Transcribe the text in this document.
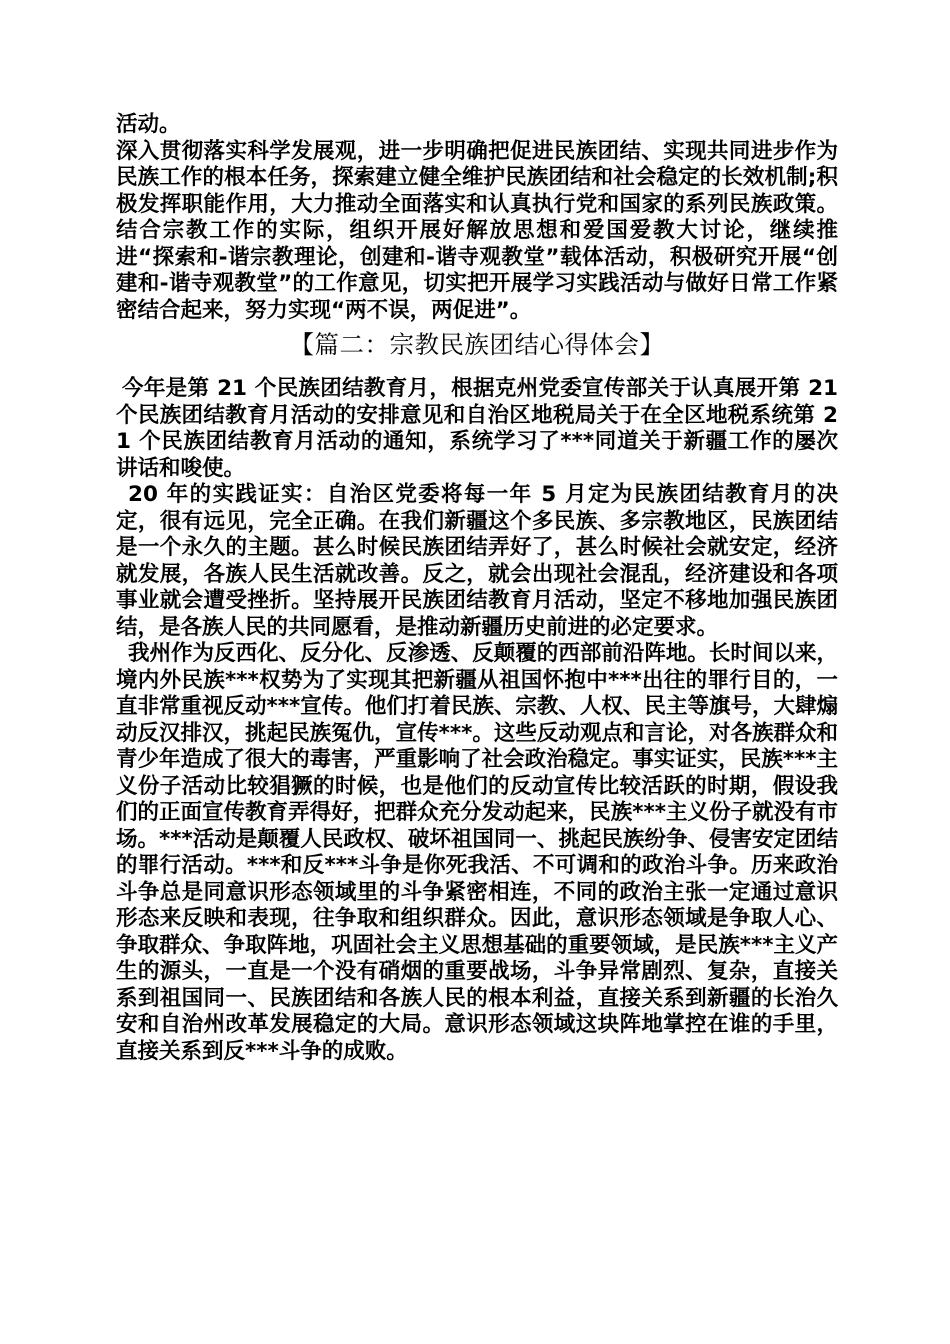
活动。

深入贯彻落实科学发展观，进一步明确把促进民族团结、实现共同进步作为民族工作的根本任务，探索建立健全维护民族团结和社会稳定的长效机制;积极发挥职能作用，大力推动全面落实和认真执行党和国家的系列民族政策。结合宗教工作的实际，组织开展好解放思想和爱国爱教大讨论，继续推进“探索和-谐宗教理论，创建和-谐寺观教堂”载体活动，积极研究开展“创建和-谐寺观教堂”的工作意见，切实把开展学习实践活动与做好日常工作紧密结合起来，努力实现“两不误，两促进”。

【篇二：宗教民族团结心得体会】

今年是第 21 个民族团结教育月，根据克州党委宣传部关于认真展开第 21 个民族团结教育月活动的安排意见和自治区地税局关于在全区地税系统第 21 个民族团结教育月活动的通知，系统学习了***同道关于新疆工作的屡次讲话和唆使。

20 年的实践证实：自治区党委将每一年 5 月定为民族团结教育月的决定，很有远见，完全正确。在我们新疆这个多民族、多宗教地区，民族团结是一个永久的主题。甚么时候民族团结弄好了，甚么时候社会就安定，经济就发展，各族人民生活就改善。反之，就会出现社会混乱，经济建设和各项事业就会遭受挫折。坚持展开民族团结教育月活动，坚定不移地加强民族团结，是各族人民的共同愿看，是推动新疆历史前进的必定要求。

我州作为反西化、反分化、反渗透、反颠覆的西部前沿阵地。长时间以来，境内外民族***权势为了实现其把新疆从祖国怀抱中***出往的罪行目的，一直非常重视反动***宣传。他们打着民族、宗教、人权、民主等旗号，大肆煽动反汉排汉，挑起民族冤仇，宣传***。这些反动观点和言论，对各族群众和青少年造成了很大的毒害，严重影响了社会政治稳定。事实证实，民族***主义份子活动比较猖獗的时候，也是他们的反动宣传比较活跃的时期，假设我们的正面宣传教育弄得好，把群众充分发动起来，民族***主义份子就没有市场。***活动是颠覆人民政权、破坏祖国同一、挑起民族纷争、侵害安定团结的罪行活动。***和反***斗争是你死我活、不可调和的政治斗争。历来政治斗争总是同意识形态领域里的斗争紧密相连，不同的政治主张一定通过意识形态来反映和表现，往争取和组织群众。因此，意识形态领域是争取人心、争取群众、争取阵地，巩固社会主义思想基础的重要领域，是民族***主义产生的源头，一直是一个没有硝烟的重要战场，斗争异常剧烈、复杂，直接关系到祖国同一、民族团结和各族人民的根本利益，直接关系到新疆的长治久安和自治州改革发展稳定的大局。意识形态领域这块阵地掌控在谁的手里，直接关系到反***斗争的成败。
